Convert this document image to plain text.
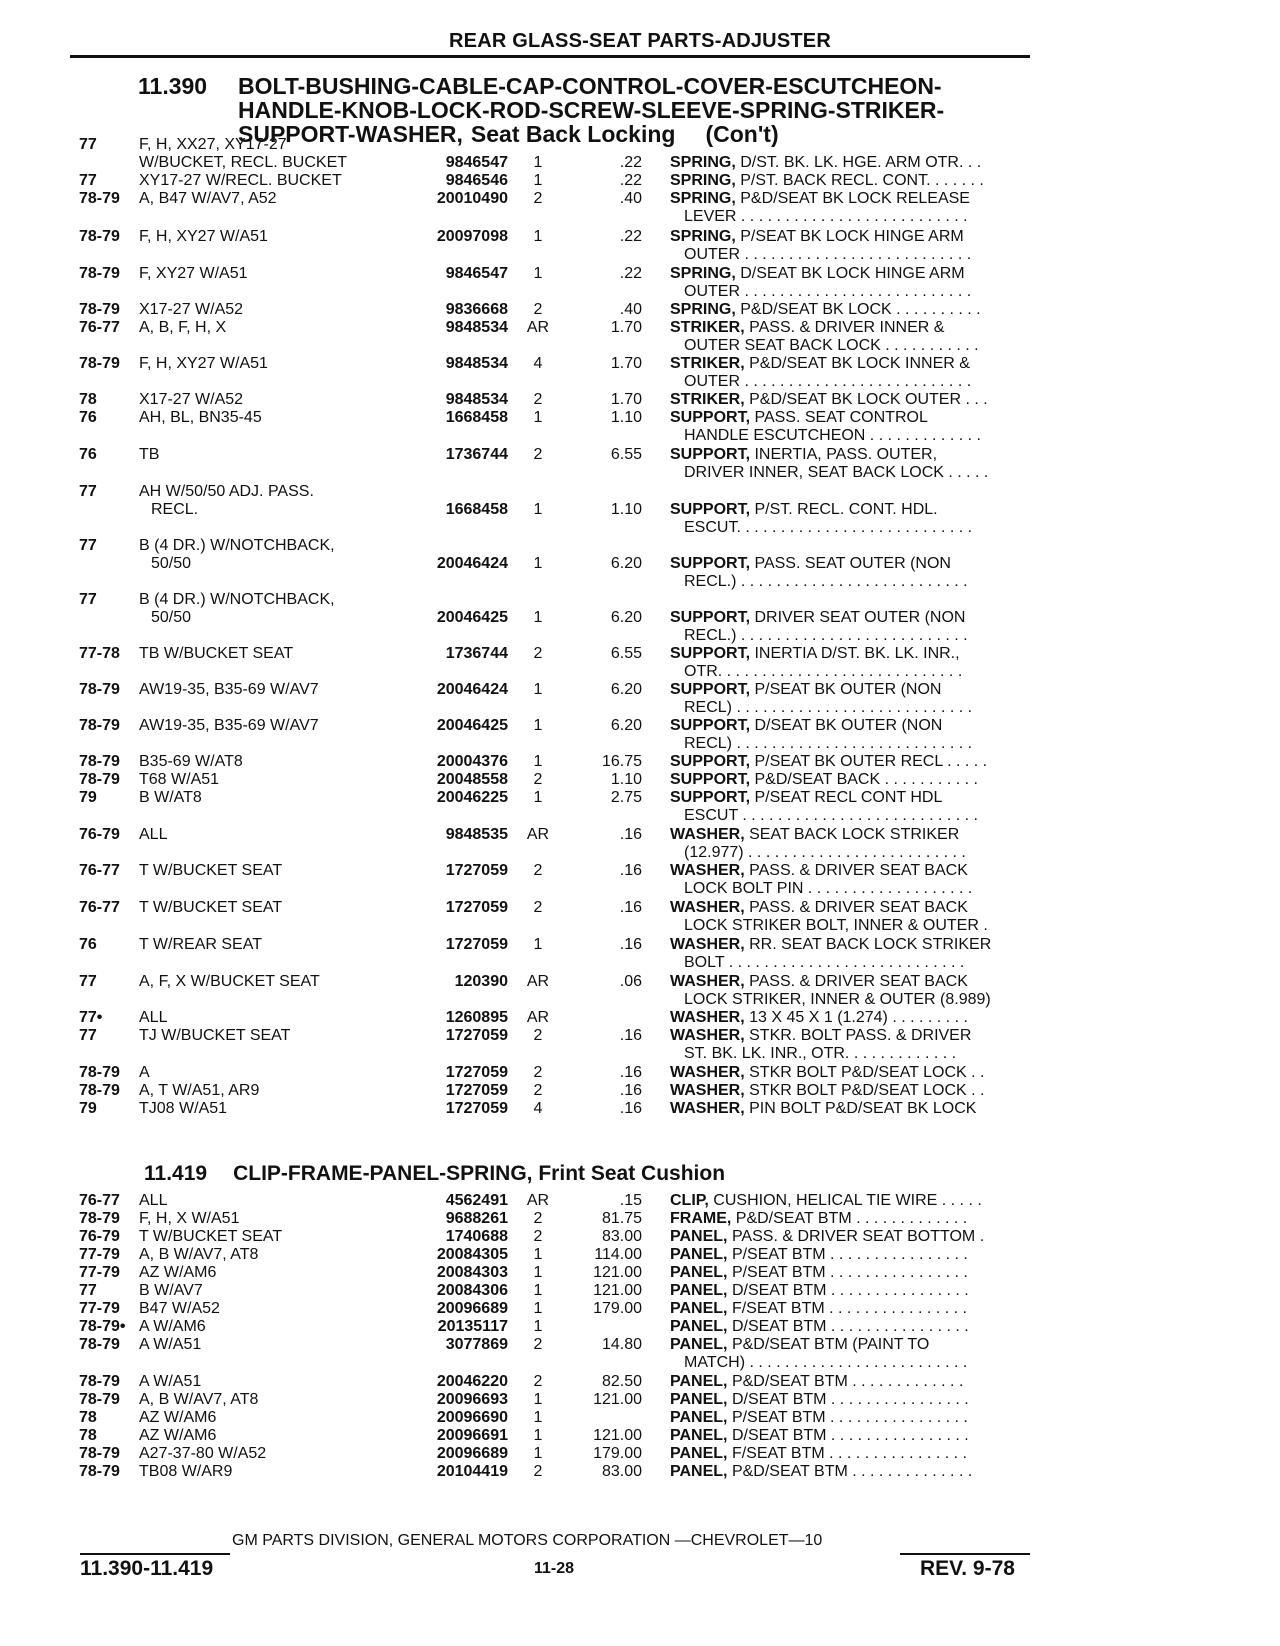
REAR GLASS-SEAT PARTS-ADJUSTER
11.390 BOLT-BUSHING-CABLE-CAP-CONTROL-COVER-ESCUTCHEON-
HANDLE-KNOB-LOCK-ROD-SCREW-SLEEVE-SPRING-STRIKER-
SUPPORT-WASHER, Seat Back Locking (Con't)
77	F, H, XX27, XY17-27
W/BUCKET, RECL. BUCKET	9846547	1	.22 SPRING, D/ST. BK. LK. HGE. ARM OTR. . .
77	XY17-27 W/RECL. BUCKET	9846546	1	.22 SPRING, P/ST. BACK RECL. CONT. . . . . . .
78-79	A, B47 W/AV7, A52	20010490	2	.40 SPRING, P&D/SEAT BK LOCK RELEASE
LEVER . . . . . . . . . . . . . . . . . . . . . . . . . .
78-79	F, H, XY27 W/A51	20097098	1	.22 SPRING, P/SEAT BK LOCK HINGE ARM
OUTER . . . . . . . . . . . . . . . . . . . . . . . . . .
78-79	F, XY27 W/A51	9846547	1	.22 SPRING, D/SEAT BK LOCK HINGE ARM
OUTER . . . . . . . . . . . . . . . . . . . . . . . . . .
78-79	X17-27 W/A52	9836668	2	.40 SPRING, P&D/SEAT BK LOCK . . . . . . . . . .
76-77	A, B, F, H, X	9848534	AR	1.70 STRIKER, PASS. & DRIVER INNER &
OUTER SEAT BACK LOCK . . . . . . . . . . .
78-79	F, H, XY27 W/A51	9848534	4	1.70 STRIKER, P&D/SEAT BK LOCK INNER &
OUTER . . . . . . . . . . . . . . . . . . . . . . . . . .
78	X17-27 W/A52	9848534	2	1.70 STRIKER, P&D/SEAT BK LOCK OUTER . . .
76	AH, BL, BN35-45	1668458	1	1.10 SUPPORT, PASS. SEAT CONTROL
HANDLE ESCUTCHEON . . . . . . . . . . . . .
76	TB	1736744	2	6.55 SUPPORT, INERTIA, PASS. OUTER,
DRIVER INNER, SEAT BACK LOCK . . . . .
77	AH W/50/50 ADJ. PASS.
RECL.	1668458	1	1.10 SUPPORT, P/ST. RECL. CONT. HDL.
ESCUT. . . . . . . . . . . . . . . . . . . . . . . . . . .
77	B (4 DR.) W/NOTCHBACK,
50/50	20046424	1	6.20 SUPPORT, PASS. SEAT OUTER (NON
RECL.) . . . . . . . . . . . . . . . . . . . . . . . . . .
77	B (4 DR.) W/NOTCHBACK,
50/50	20046425	1	6.20 SUPPORT, DRIVER SEAT OUTER (NON
RECL.) . . . . . . . . . . . . . . . . . . . . . . . . . .
77-78	TB W/BUCKET SEAT	1736744	2	6.55 SUPPORT, INERTIA D/ST. BK. LK. INR.,
OTR. . . . . . . . . . . . . . . . . . . . . . . . . . . .
78-79	AW19-35, B35-69 W/AV7	20046424	1	6.20 SUPPORT, P/SEAT BK OUTER (NON
RECL) . . . . . . . . . . . . . . . . . . . . . . . . . . .
78-79	AW19-35, B35-69 W/AV7	20046425	1	6.20 SUPPORT, D/SEAT BK OUTER (NON
RECL) . . . . . . . . . . . . . . . . . . . . . . . . . . .
78-79	B35-69 W/AT8	20004376	1	16.75 SUPPORT, P/SEAT BK OUTER RECL . . . . .
78-79	T68 W/A51	20048558	2	1.10 SUPPORT, P&D/SEAT BACK . . . . . . . . . . .
79	B W/AT8	20046225	1	2.75 SUPPORT, P/SEAT RECL CONT HDL
ESCUT . . . . . . . . . . . . . . . . . . . . . . . . . . .
76-79	ALL	9848535	AR	.16 WASHER, SEAT BACK LOCK STRIKER
(12.977) . . . . . . . . . . . . . . . . . . . . . . . . .
76-77	T W/BUCKET SEAT	1727059	2	.16 WASHER, PASS. & DRIVER SEAT BACK
LOCK BOLT PIN . . . . . . . . . . . . . . . . . . .
76-77	T W/BUCKET SEAT	1727059	2	.16 WASHER, PASS. & DRIVER SEAT BACK
LOCK STRIKER BOLT, INNER & OUTER .
76	T W/REAR SEAT	1727059	1	.16 WASHER, RR. SEAT BACK LOCK STRIKER
BOLT . . . . . . . . . . . . . . . . . . . . . . . . . . .
77	A, F, X W/BUCKET SEAT	120390	AR	.06 WASHER, PASS. & DRIVER SEAT BACK
LOCK STRIKER, INNER & OUTER (8.989)
77•	ALL	1260895	AR	WASHER, 13 X 45 X 1 (1.274) . . . . . . . . .
77	TJ W/BUCKET SEAT	1727059	2	.16 WASHER, STKR. BOLT PASS. & DRIVER
ST. BK. LK. INR., OTR. . . . . . . . . . . . .
78-79	A	1727059	2	.16 WASHER, STKR BOLT P&D/SEAT LOCK . .
78-79	A, T W/A51, AR9	1727059	2	.16 WASHER, STKR BOLT P&D/SEAT LOCK . .
79	TJ08 W/A51	1727059	4	.16 WASHER, PIN BOLT P&D/SEAT BK LOCK
76-77	ALL	4562491	AR	.15 CLIP, CUSHION, HELICAL TIE WIRE . . . . .
78-79	F, H, X W/A51	9688261	2	81.75 FRAME, P&D/SEAT BTM . . . . . . . . . . . . .
76-79	T W/BUCKET SEAT	1740688	2	83.00 PANEL, PASS. & DRIVER SEAT BOTTOM .
77-79	A, B W/AV7, AT8	20084305	1	114.00 PANEL, P/SEAT BTM . . . . . . . . . . . . . . . .
77-79	AZ W/AM6	20084303	1	121.00 PANEL, P/SEAT BTM . . . . . . . . . . . . . . . .
77	B W/AV7	20084306	1	121.00 PANEL, D/SEAT BTM . . . . . . . . . . . . . . . .
77-79	B47 W/A52	20096689	1	179.00 PANEL, F/SEAT BTM . . . . . . . . . . . . . . . .
78-79• A W/AM6	20135117	1	PANEL, D/SEAT BTM . . . . . . . . . . . . . . . .
78-79	A W/A51	3077869	2	14.80 PANEL, P&D/SEAT BTM (PAINT TO
MATCH) . . . . . . . . . . . . . . . . . . . . . . . . .
78-79	A W/A51	20046220	2	82.50 PANEL, P&D/SEAT BTM . . . . . . . . . . . . .
78-79	A, B W/AV7, AT8	20096693	1	121.00 PANEL, D/SEAT BTM . . . . . . . . . . . . . . . .
78	AZ W/AM6	20096690	1	PANEL, P/SEAT BTM . . . . . . . . . . . . . . . .
78	AZ W/AM6	20096691	1	121.00 PANEL, D/SEAT BTM . . . . . . . . . . . . . . . .
78-79	A27-37-80 W/A52	20096689	1	179.00 PANEL, F/SEAT BTM . . . . . . . . . . . . . . . .
78-79	TB08 W/AR9	20104419	2	83.00 PANEL, P&D/SEAT BTM . . . . . . . . . . . . . .
11.419 CLIP-FRAME-PANEL-SPRING, Frint Seat Cushion
GM PARTS DIVISION, GENERAL MOTORS CORPORATION —CHEVROLET—10
11.390-11.419	11-28	REV. 9-78
